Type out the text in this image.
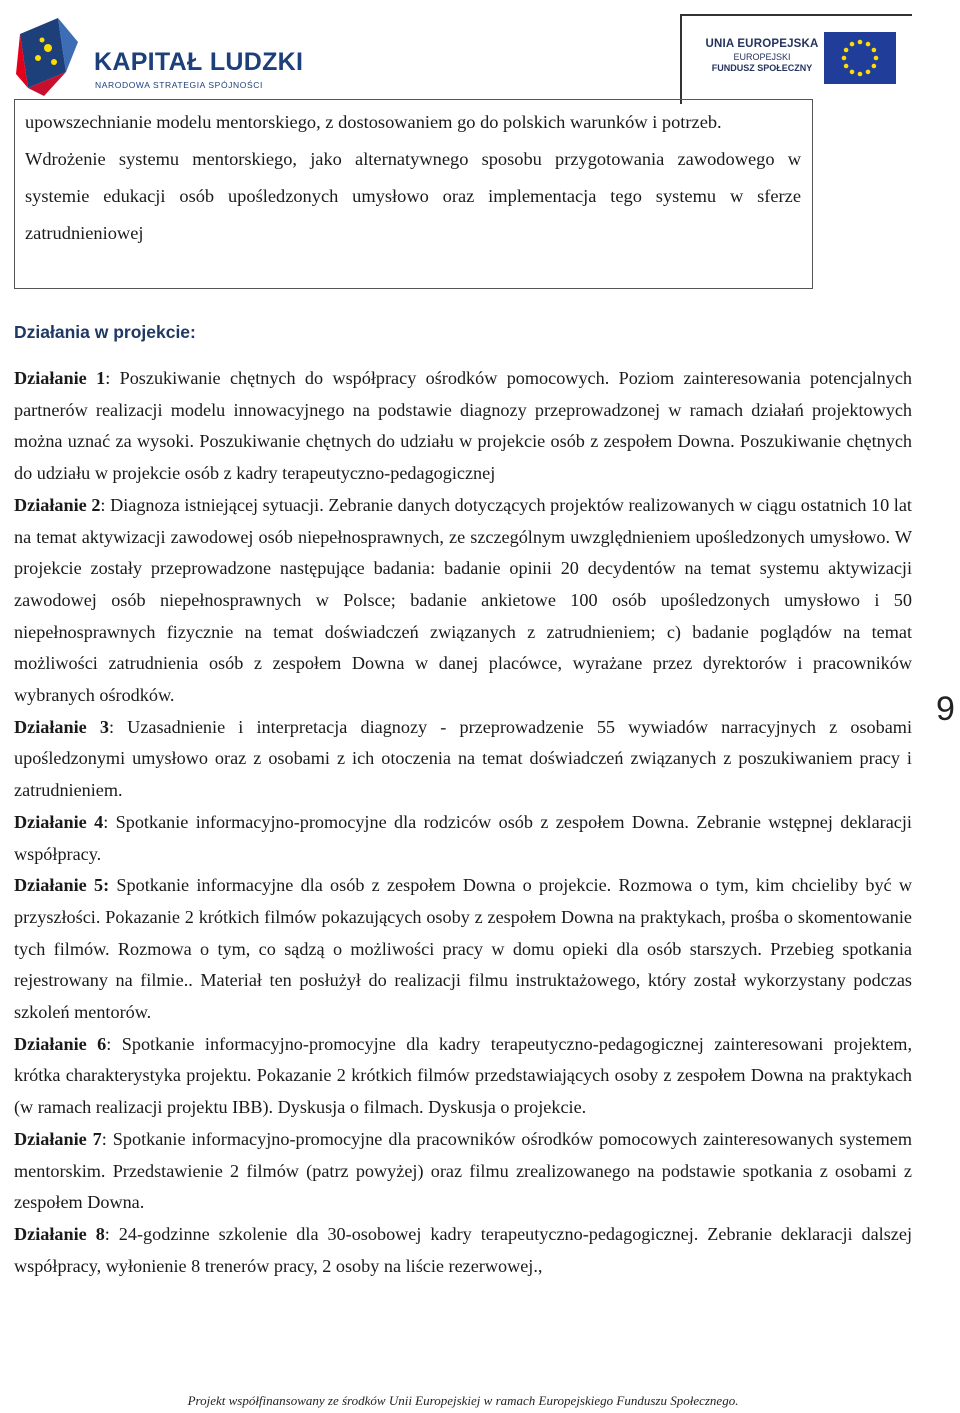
KAPITAŁ LUDZKI
NARODOWA STRATEGIA SPÓJNOŚCI
UNIA EUROPEJSKA
EUROPEJSKI
FUNDUSZ SPOŁECZNY

upowszechnianie modelu mentorskiego, z dostosowaniem go do polskich warunków i potrzeb.

Wdrożenie systemu mentorskiego, jako alternatywnego sposobu przygotowania zawodowego w systemie edukacji osób upośledzonych umysłowo oraz implementacja tego systemu w sferze zatrudnieniowej

Działania w projekcie:

Działanie 1: Poszukiwanie chętnych do współpracy ośrodków pomocowych. Poziom zainteresowania potencjalnych partnerów realizacji modelu innowacyjnego na podstawie diagnozy przeprowadzonej w ramach działań projektowych można uznać za wysoki. Poszukiwanie chętnych do udziału w projekcie osób z zespołem Downa. Poszukiwanie chętnych do udziału w projekcie osób z kadry terapeutyczno-pedagogicznej

Działanie 2: Diagnoza istniejącej sytuacji. Zebranie danych dotyczących projektów realizowanych w ciągu ostatnich 10 lat na temat aktywizacji zawodowej osób niepełnosprawnych, ze szczególnym uwzględnieniem upośledzonych umysłowo. W projekcie zostały przeprowadzone następujące badania: badanie opinii 20 decydentów na temat systemu aktywizacji zawodowej osób niepełnosprawnych w Polsce; badanie ankietowe 100 osób upośledzonych umysłowo i 50 niepełnosprawnych fizycznie na temat doświadczeń związanych z zatrudnieniem; c) badanie poglądów na temat możliwości zatrudnienia osób z zespołem Downa w danej placówce, wyrażane przez dyrektorów i pracowników wybranych ośrodków.

Działanie 3: Uzasadnienie i interpretacja diagnozy - przeprowadzenie 55 wywiadów narracyjnych z osobami upośledzonymi umysłowo oraz z osobami z ich otoczenia na temat doświadczeń związanych z poszukiwaniem pracy i zatrudnieniem.

Działanie 4: Spotkanie informacyjno-promocyjne dla rodziców osób z zespołem Downa. Zebranie wstępnej deklaracji współpracy.

Działanie 5: Spotkanie informacyjne dla osób z zespołem Downa o projekcie. Rozmowa o tym, kim chcieliby być w przyszłości. Pokazanie 2 krótkich filmów pokazujących osoby z zespołem Downa na praktykach, prośba o skomentowanie tych filmów. Rozmowa o tym, co sądzą o możliwości pracy w domu opieki dla osób starszych. Przebieg spotkania rejestrowany na filmie.. Materiał ten posłużył do realizacji filmu instruktażowego, który został wykorzystany podczas szkoleń mentorów.

Działanie 6: Spotkanie informacyjno-promocyjne dla kadry terapeutyczno-pedagogicznej zainteresowani projektem, krótka charakterystyka projektu. Pokazanie 2 krótkich filmów przedstawiających osoby z zespołem Downa na praktykach (w ramach realizacji projektu IBB). Dyskusja o filmach. Dyskusja o projekcie.

Działanie 7: Spotkanie informacyjno-promocyjne dla pracowników ośrodków pomocowych zainteresowanych systemem mentorskim. Przedstawienie 2 filmów (patrz powyżej) oraz filmu zrealizowanego na podstawie spotkania z osobami z zespołem Downa.

Działanie 8: 24-godzinne szkolenie dla 30-osobowej kadry terapeutyczno-pedagogicznej. Zebranie deklaracji dalszej współpracy, wyłonienie 8 trenerów pracy, 2 osoby na liście rezerwowej.,

9
Projekt współfinansowany ze środków Unii Europejskiej w ramach Europejskiego Funduszu Społecznego.
